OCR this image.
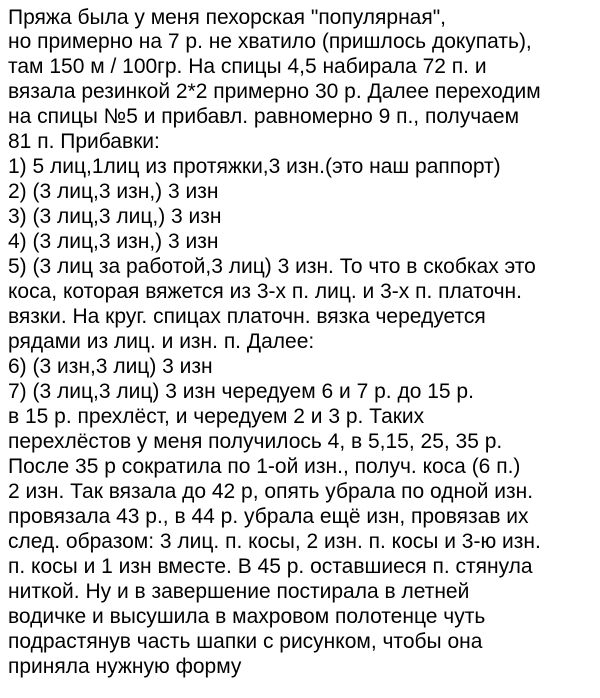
Пряжа была у меня пехорская "популярная",
но примерно на 7 р. не хватило (пришлось докупать),
там 150 м / 100гр. На спицы 4,5 набирала 72 п. и
вязала резинкой 2*2 примерно 30 р. Далее переходим
на спицы №5 и прибавл. равномерно 9 п., получаем
81 п. Прибавки:
1) 5 лиц,1лиц из протяжки,3 изн.(это наш раппорт)
2) (3 лиц,3 изн,) 3 изн
3) (3 лиц,3 лиц,) 3 изн
4) (3 лиц,3 изн,) 3 изн
5) (3 лиц за работой,3 лиц) 3 изн. То что в скобках это
коса, которая вяжется из 3-х п. лиц. и 3-х п. платочн.
вязки. На круг. спицах платочн. вязка чередуется
рядами из лиц. и изн. п. Далее:
6) (3 изн,3 лиц) 3 изн
7) (3 лиц,3 лиц) 3 изн чередуем 6 и 7 р. до 15 р.
в 15 р. прехлёст, и чередуем 2 и 3 р. Таких
перехлёстов у меня получилось 4, в 5,15, 25, 35 р.
После 35 р сократила по 1-ой изн., получ. коса (6 п.)
2 изн. Так вязала до 42 р, опять убрала по одной изн.
провязала 43 р., в 44 р. убрала ещё изн, провязав их
след. образом: 3 лиц. п. косы, 2 изн. п. косы и 3-ю изн.
п. косы и 1 изн вместе. В 45 р. оставшиеся п. стянула
ниткой. Ну и в завершение постирала в летней
водичке и высушила в махровом полотенце чуть
подрастянув часть шапки с рисунком, чтобы она
приняла нужную форму
